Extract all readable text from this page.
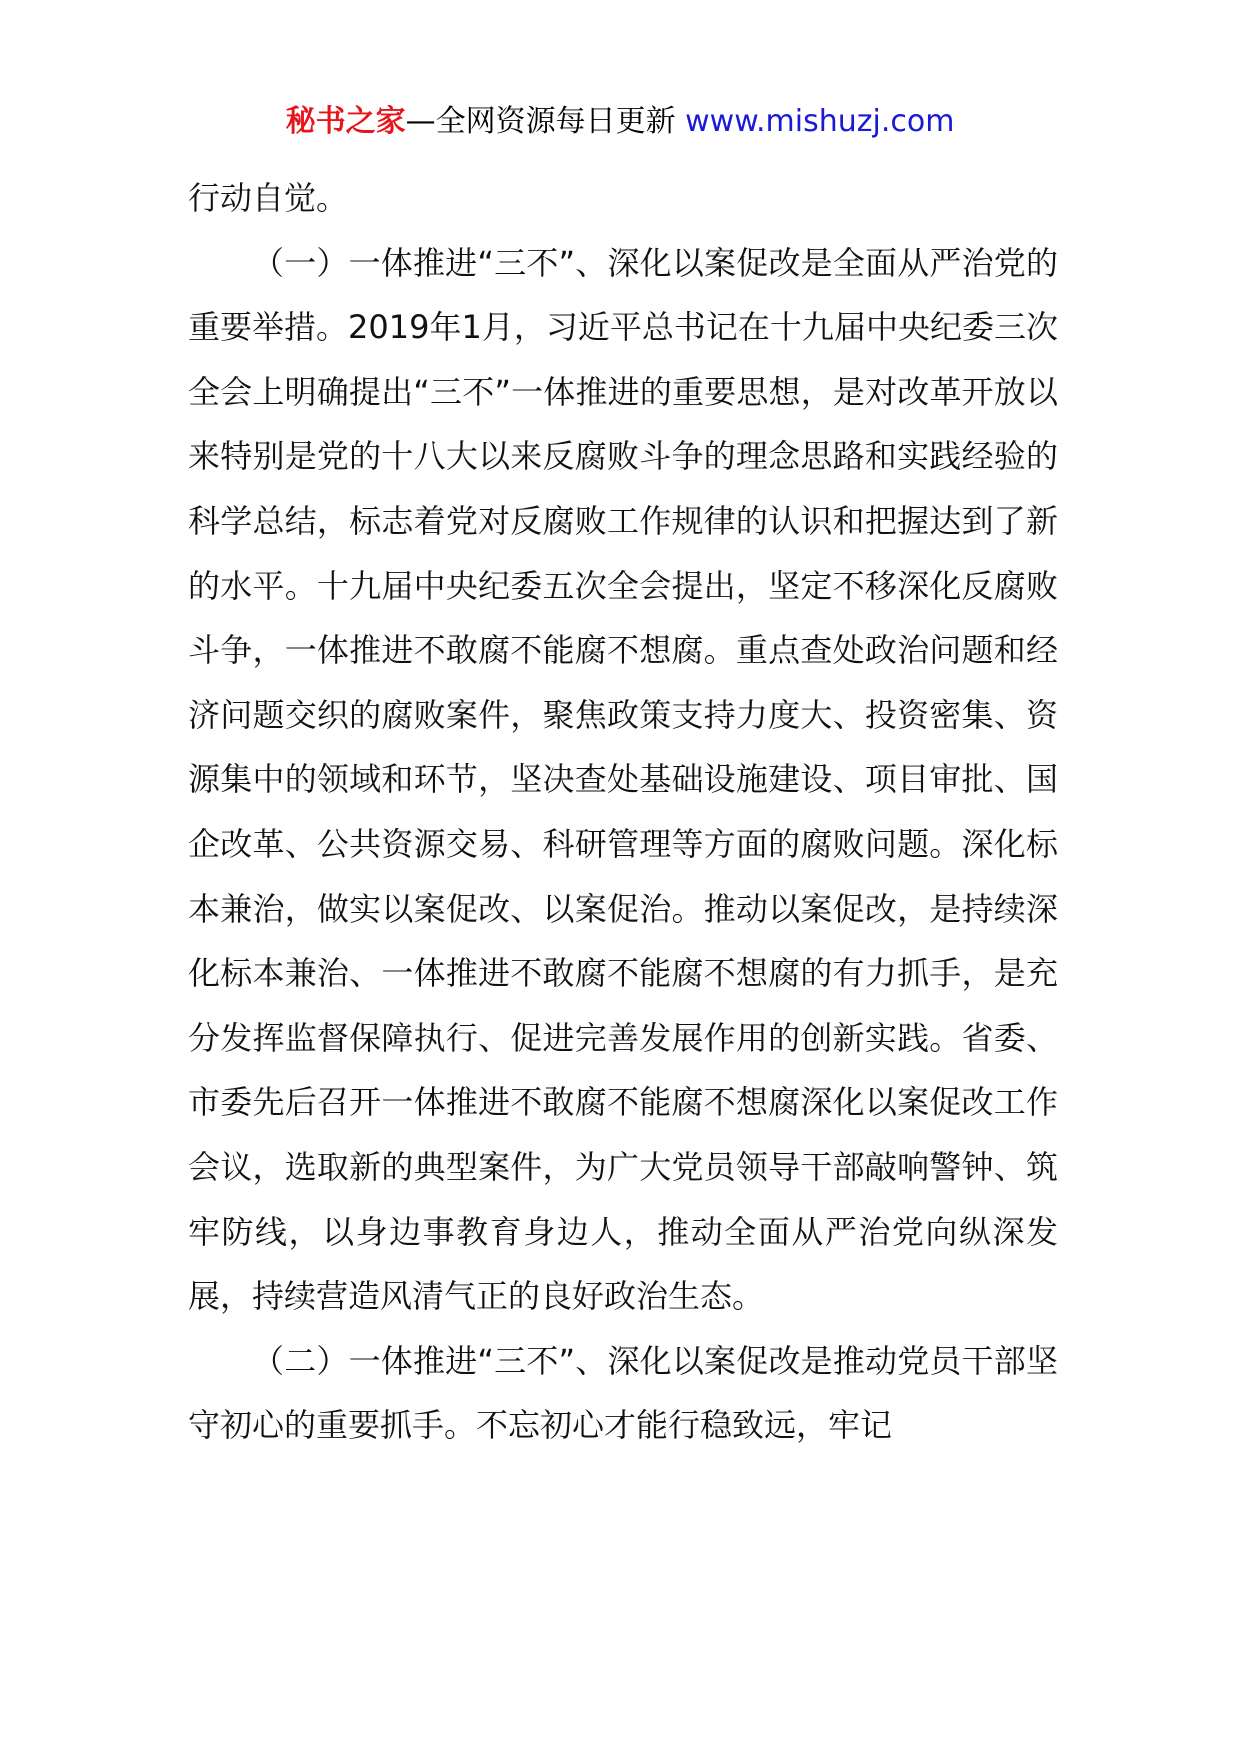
秘书之家—全网资源每日更新 www.mishuzj.com

行动自觉。

（一）一体推进“三不”、深化以案促改是全面从严治党的重要举措。2019年1月，习近平总书记在十九届中央纪委三次全会上明确提出“三不”一体推进的重要思想，是对改革开放以来特别是党的十八大以来反腐败斗争的理念思路和实践经验的科学总结，标志着党对反腐败工作规律的认识和把握达到了新的水平。十九届中央纪委五次全会提出，坚定不移深化反腐败斗争，一体推进不敢腐不能腐不想腐。重点查处政治问题和经济问题交织的腐败案件，聚焦政策支持力度大、投资密集、资源集中的领域和环节，坚决查处基础设施建设、项目审批、国企改革、公共资源交易、科研管理等方面的腐败问题。深化标本兼治，做实以案促改、以案促治。推动以案促改，是持续深化标本兼治、一体推进不敢腐不能腐不想腐的有力抓手，是充分发挥监督保障执行、促进完善发展作用的创新实践。省委、市委先后召开一体推进不敢腐不能腐不想腐深化以案促改工作会议，选取新的典型案件，为广大党员领导干部敲响警钟、筑牢防线，以身边事教育身边人，推动全面从严治党向纵深发展，持续营造风清气正的良好政治生态。

（二）一体推进“三不”、深化以案促改是推动党员干部坚守初心的重要抓手。不忘初心才能行稳致远，牢记
